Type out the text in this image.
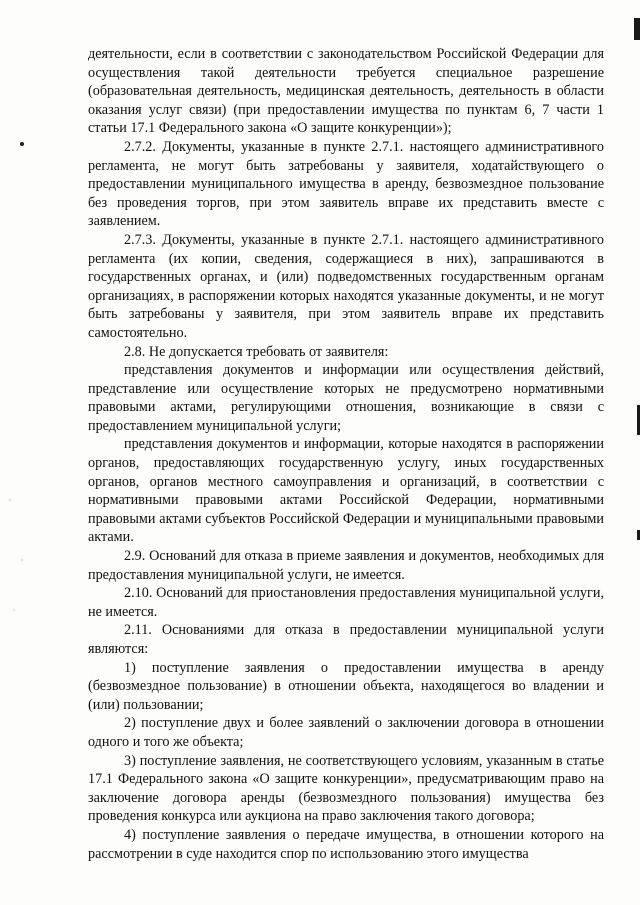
деятельности, если в соответствии с законодательством Российской Федерации для осуществления такой деятельности требуется специальное разрешение (образовательная деятельность, медицинская деятельность, деятельность в области оказания услуг связи) (при предоставлении имущества по пунктам 6, 7 части 1 статьи 17.1 Федерального закона «О защите конкуренции»);

2.7.2. Документы, указанные в пункте 2.7.1. настоящего административного регламента, не могут быть затребованы у заявителя, ходатайствующего о предоставлении муниципального имущества в аренду, безвозмездное пользование без проведения торгов, при этом заявитель вправе их представить вместе с заявлением.

2.7.3. Документы, указанные в пункте 2.7.1. настоящего административного регламента (их копии, сведения, содержащиеся в них), запрашиваются в государственных органах, и (или) подведомственных государственным органам организациях, в распоряжении которых находятся указанные документы, и не могут быть затребованы у заявителя, при этом заявитель вправе их представить самостоятельно.

2.8. Не допускается требовать от заявителя:

представления документов и информации или осуществления действий, представление или осуществление которых не предусмотрено нормативными правовыми актами, регулирующими отношения, возникающие в связи с предоставлением муниципальной услуги;

представления документов и информации, которые находятся в распоряжении органов, предоставляющих государственную услугу, иных государственных органов, органов местного самоуправления и организаций, в соответствии с нормативными правовыми актами Российской Федерации, нормативными правовыми актами субъектов Российской Федерации и муниципальными правовыми актами.

2.9. Оснований для отказа в приеме заявления и документов, необходимых для предоставления муниципальной услуги, не имеется.

2.10. Оснований для приостановления предоставления муниципальной услуги, не имеется.

2.11. Основаниями для отказа в предоставлении муниципальной услуги являются:

1) поступление заявления о предоставлении имущества в аренду (безвозмездное пользование) в отношении объекта, находящегося во владении и (или) пользовании;

2) поступление двух и более заявлений о заключении договора в отношении одного и того же объекта;

3) поступление заявления, не соответствующего условиям, указанным в статье 17.1 Федерального закона «О защите конкуренции», предусматривающим право на заключение договора аренды (безвозмездного пользования) имущества без проведения конкурса или аукциона на право заключения такого договора;

4) поступление заявления о передаче имущества, в отношении которого на рассмотрении в суде находится спор по использованию этого имущества
